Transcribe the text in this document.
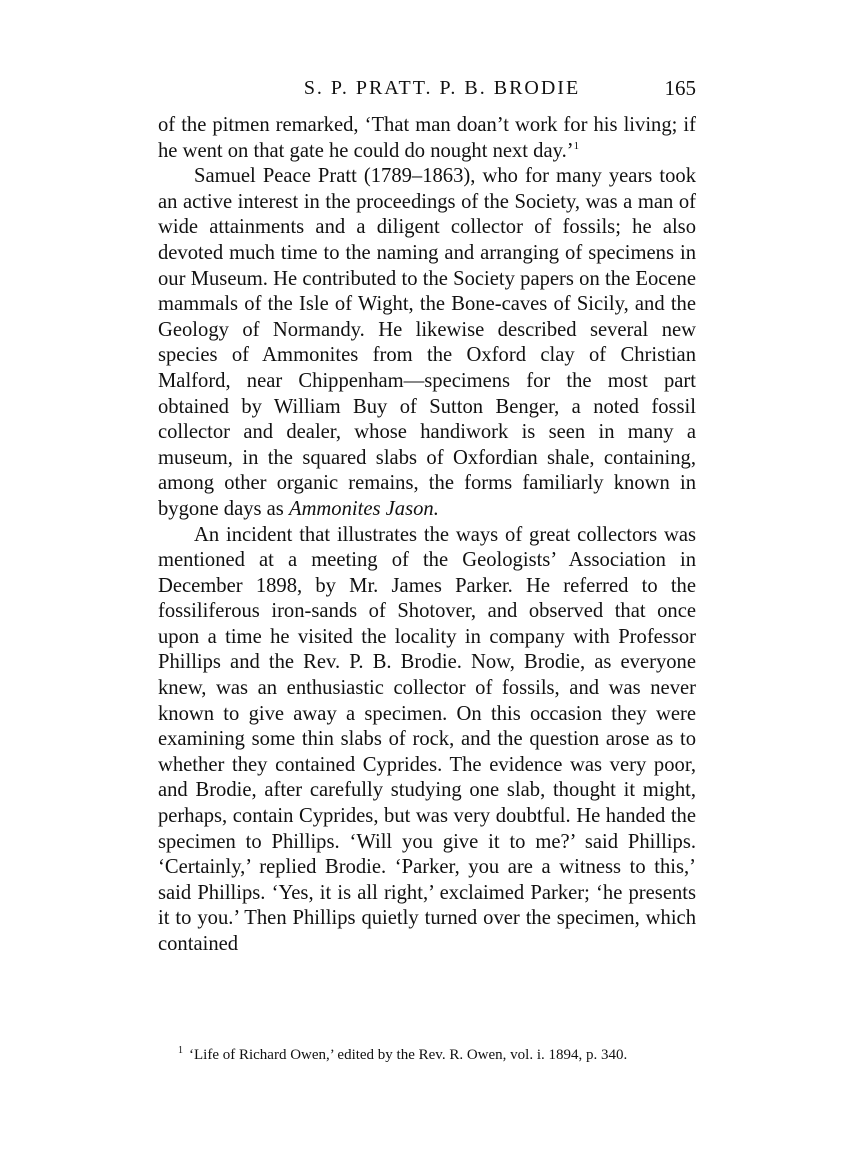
S. P. PRATT. P. B. BRODIE	165

of the pitmen remarked, ‘That man doan’t work for his living; if he went on that gate he could do nought next day.’$^1$

Samuel Peace Pratt (1789–1863), who for many years took an active interest in the proceedings of the Society, was a man of wide attainments and a diligent collector of fossils; he also devoted much time to the naming and arranging of specimens in our Museum. He contributed to the Society papers on the Eocene mammals of the Isle of Wight, the Bone-caves of Sicily, and the Geology of Normandy. He likewise described several new species of Ammonites from the Oxford clay of Christian Malford, near Chippenham—specimens for the most part obtained by William Buy of Sutton Benger, a noted fossil collector and dealer, whose handiwork is seen in many a museum, in the squared slabs of Oxfordian shale, containing, among other organic remains, the forms familiarly known in bygone days as Ammonites Jason.

An incident that illustrates the ways of great collectors was mentioned at a meeting of the Geologists’ Association in December 1898, by Mr. James Parker. He referred to the fossiliferous iron-sands of Shotover, and observed that once upon a time he visited the locality in company with Professor Phillips and the Rev. P. B. Brodie. Now, Brodie, as everyone knew, was an enthusiastic collector of fossils, and was never known to give away a specimen. On this occasion they were examining some thin slabs of rock, and the question arose as to whether they contained Cyprides. The evidence was very poor, and Brodie, after carefully studying one slab, thought it might, perhaps, contain Cyprides, but was very doubtful. He handed the specimen to Phillips. ‘Will you give it to me?’ said Phillips. ‘Certainly,’ replied Brodie. ‘Parker, you are a witness to this,’ said Phillips. ‘Yes, it is all right,’ exclaimed Parker; ‘he presents it to you.’ Then Phillips quietly turned over the specimen, which contained

$^1$ ‘Life of Richard Owen,’ edited by the Rev. R. Owen, vol. i. 1894, p. 340.
